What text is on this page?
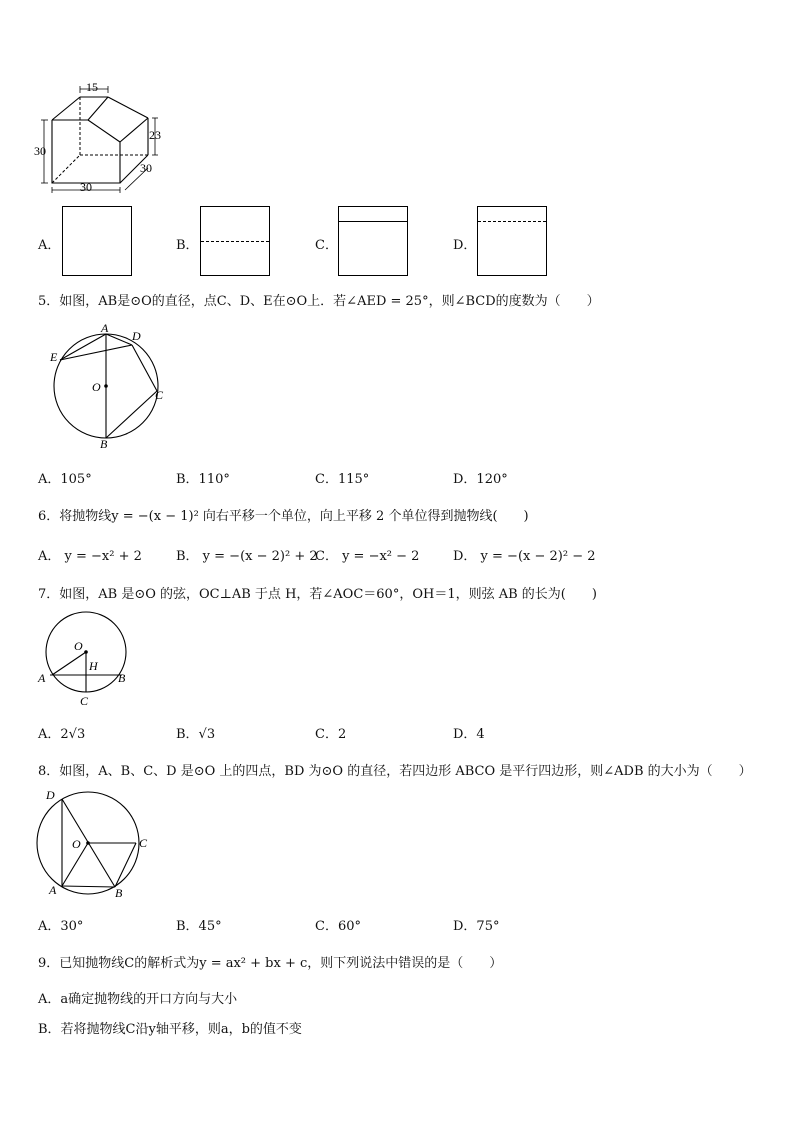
15
23
30
30
30
A．	B．	C．	D．
5．如图，AB是⊙O的直径，点C、D、E在⊙O上．若∠AED = 25°，则∠BCD的度数为（　　）
A
D
E
O
C
B
A．105°	B．110°	C．115°	D．120°
6．将抛物线y = −(x − 1)² 向右平移一个单位，向上平移 2 个单位得到抛物线(　　)
A． y = −x² + 2	B． y = −(x − 2)² + 2
C． y = −x² − 2	D． y = −(x − 2)² − 2
7．如图，AB 是⊙O 的弦，OC⊥AB 于点 H，若∠AOC＝60°，OH＝1，则弦 AB 的长为(　　)
O
H
A	B
C
A．2√3	B．√3	C．2	D．4
8．如图，A、B、C、D 是⊙O 上的四点，BD 为⊙O 的直径，若四边形 ABCO 是平行四边形，则∠ADB 的大小为（　　）
D
O	C
A	B
A．30°	B．45°	C．60°	D．75°
9．已知抛物线C的解析式为y = ax² + bx + c，则下列说法中错误的是（　　）
A．a确定抛物线的开口方向与大小
B．若将抛物线C沿y轴平移，则a，b的值不变
